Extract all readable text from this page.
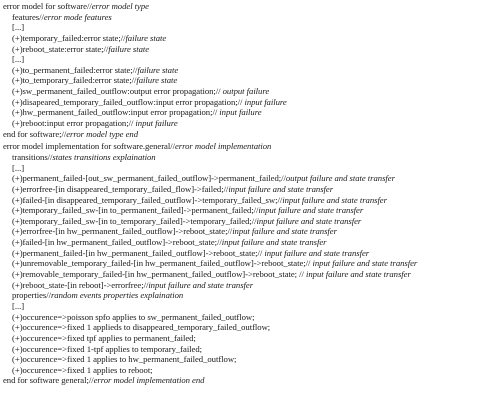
error model for software//error model type
features//error mode features
[...]
(+)temporary_failed:error state;//failure state
(+)reboot_state:error state;//failure state
[...]
(+)to_permanent_failed:error state;//failure state
(+)to_temporary_failed:error state;//failure state
(+)sw_permanent_failed_outflow:output error propagation;// output failure
(+)disapeared_temporary_failed_outflow:input error propagation;// input failure
(+)hw_permanent_failed_outflow:input error propagation;// input failure
(+)reboot:input error propagation;// input failure
end for software;//error model type end
error model implementation for software.general//error model implementation
transitions//states transitions explaination
[...]
(+)permanent_failed-[out_sw_permanent_failed_outflow]->permanent_failed;//output failure and state transfer
(+)errorfree-[in disappeared_temporary_failed_flow]->failed;//input failure and state transfer
(+)failed-[in disappeared_temporary_failed_outflow]->temporary_failed_sw;//input failure and state transfer
(+)temporary_failed_sw-[in to_permanent_failed]->permanent_failed;//input failure and state transfer
(+)temporary_failed_sw-[in to_temporary_failed]->temporary_failed;//input failure and state transfer
(+)errorfree-[in hw_permanent_failed_outflow]->reboot_state;//input failure and state transfer
(+)failed-[in hw_permanent_failed_outflow]->reboot_state;//input failure and state transfer
(+)permanent_failed-[in hw_permanent_failed_outflow]->reboot_state;// input failure and state transfer
(+)unremovable_temporary_failed-[in hw_permanent_failed_outflow]->reboot_state;// input failure and state transfer
(+)removable_temporary_failed-[in hw_permanent_failed_outflow]->reboot_state; // input failure and state transfer
(+)reboot_state-[in reboot]->errorfree;//input failure and state transfer
properties//random events properties explaination
[...]
(+)occurence=>poisson spfo applies to sw_permanent_failed_outflow;
(+)occurence=>fixed 1 applieds to disappeared_temporary_failed_outflow;
(+)occurence=>fixed tpf applies to permanent_failed;
(+)occurence=>fixed 1-tpf applies to temporary_failed;
(+)occurence=>fixed 1 applies to hw_permanent_failed_outflow;
(+)occurence=>fixed 1 applies to reboot;
end for software general;//error model implementation end
